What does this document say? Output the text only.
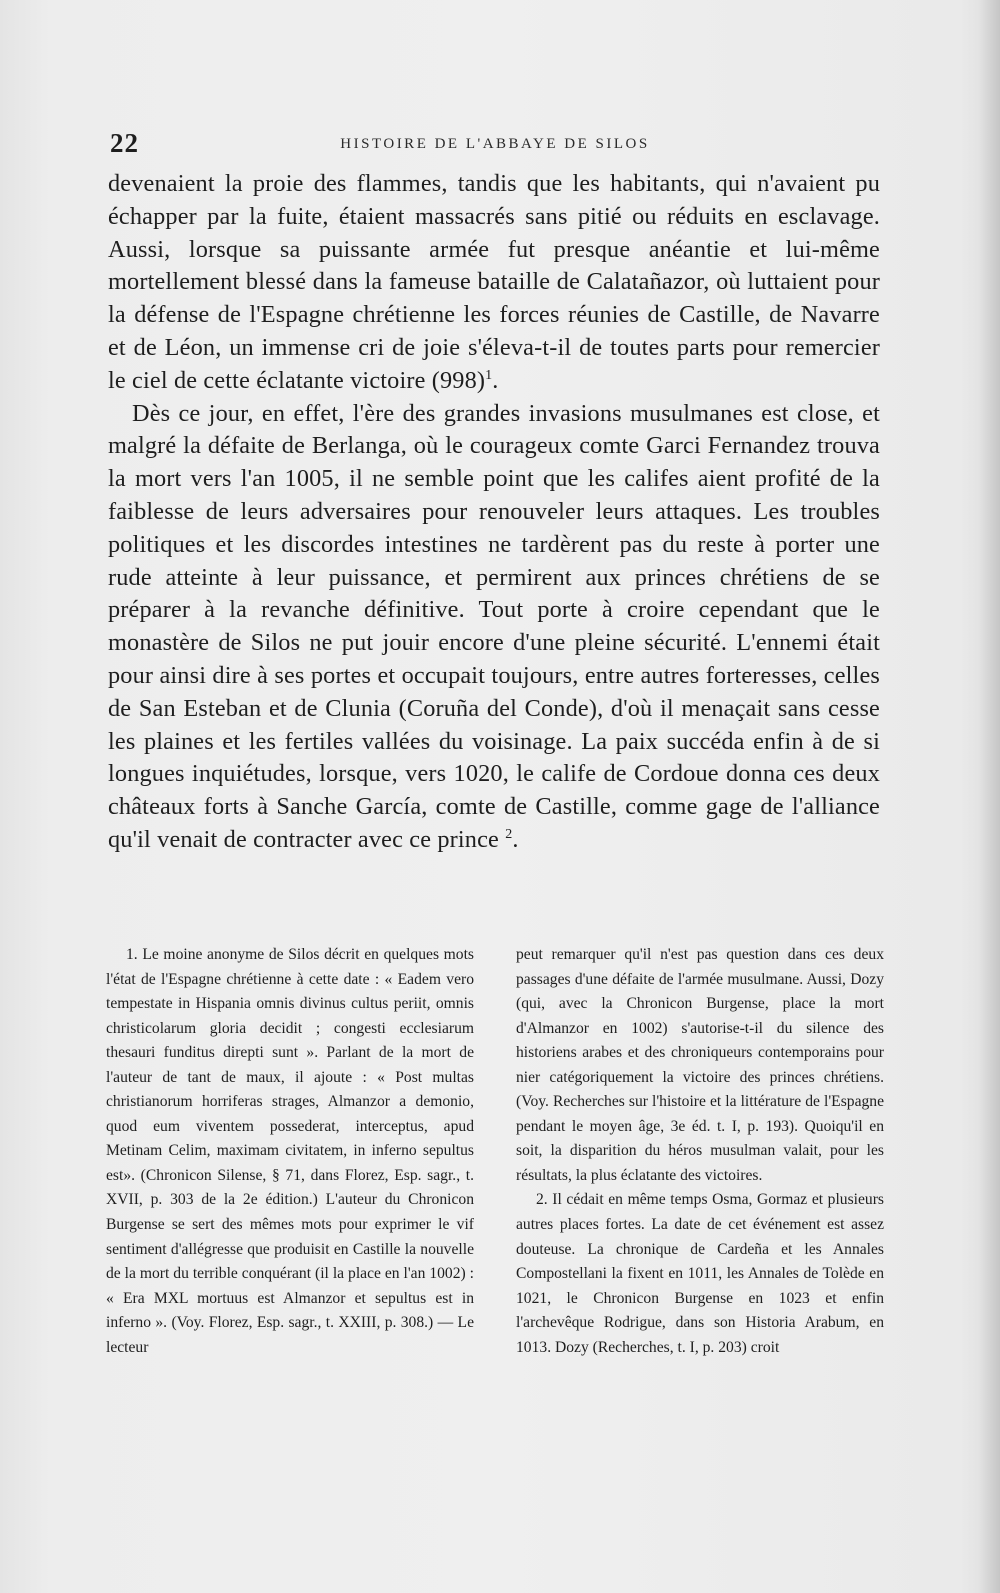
22	HISTOIRE DE L'ABBAYE DE SILOS

devenaient la proie des flammes, tandis que les habitants, qui n'avaient pu échapper par la fuite, étaient massacrés sans pitié ou réduits en esclavage. Aussi, lorsque sa puissante armée fut presque anéantie et lui-même mortellement blessé dans la fameuse bataille de Calatañazor, où luttaient pour la défense de l'Espagne chrétienne les forces réunies de Castille, de Navarre et de Léon, un immense cri de joie s'éleva-t-il de toutes parts pour remercier le ciel de cette éclatante victoire (998)$^1$.

Dès ce jour, en effet, l'ère des grandes invasions musulmanes est close, et malgré la défaite de Berlanga, où le courageux comte Garci Fernandez trouva la mort vers l'an 1005, il ne semble point que les califes aient profité de la faiblesse de leurs adversaires pour renouveler leurs attaques. Les troubles politiques et les discordes intestines ne tardèrent pas du reste à porter une rude atteinte à leur puissance, et permirent aux princes chrétiens de se préparer à la revanche définitive. Tout porte à croire cependant que le monastère de Silos ne put jouir encore d'une pleine sécurité. L'ennemi était pour ainsi dire à ses portes et occupait toujours, entre autres forteresses, celles de San Esteban et de Clunia (Coruña del Conde), d'où il menaçait sans cesse les plaines et les fertiles vallées du voisinage. La paix succéda enfin à de si longues inquiétudes, lorsque, vers 1020, le calife de Cordoue donna ces deux châteaux forts à Sanche García, comte de Castille, comme gage de l'alliance qu'il venait de contracter avec ce prince $^2$.

1. Le moine anonyme de Silos décrit en quelques mots l'état de l'Espagne chrétienne à cette date : « Eadem vero tempestate in Hispania omnis divinus cultus periit, omnis christicolarum gloria decidit ; congesti ecclesiarum thesauri funditus direpti sunt ». Parlant de la mort de l'auteur de tant de maux, il ajoute : « Post multas christianorum horriferas strages, Almanzor a demonio, quod eum viventem possederat, interceptus, apud Metinam Celim, maximam civitatem, in inferno sepultus est». (Chronicon Silense, § 71, dans Florez, Esp. sagr., t. XVII, p. 303 de la 2e édition.) L'auteur du Chronicon Burgense se sert des mêmes mots pour exprimer le vif sentiment d'allégresse que produisit en Castille la nouvelle de la mort du terrible conquérant (il la place en l'an 1002) : « Era MXL mortuus est Almanzor et sepultus est in inferno ». (Voy. Florez, Esp. sagr., t. XXIII, p. 308.) — Le lecteur

peut remarquer qu'il n'est pas question dans ces deux passages d'une défaite de l'armée musulmane. Aussi, Dozy (qui, avec la Chronicon Burgense, place la mort d'Almanzor en 1002) s'autorise-t-il du silence des historiens arabes et des chroniqueurs contemporains pour nier catégoriquement la victoire des princes chrétiens. (Voy. Recherches sur l'histoire et la littérature de l'Espagne pendant le moyen âge, 3e éd. t. I, p. 193). Quoiqu'il en soit, la disparition du héros musulman valait, pour les résultats, la plus éclatante des victoires.

2. Il cédait en même temps Osma, Gormaz et plusieurs autres places fortes. La date de cet événement est assez douteuse. La chronique de Cardeña et les Annales Compostellani la fixent en 1011, les Annales de Tolède en 1021, le Chronicon Burgense en 1023 et enfin l'archevêque Rodrigue, dans son Historia Arabum, en 1013. Dozy (Recherches, t. I, p. 203) croit
